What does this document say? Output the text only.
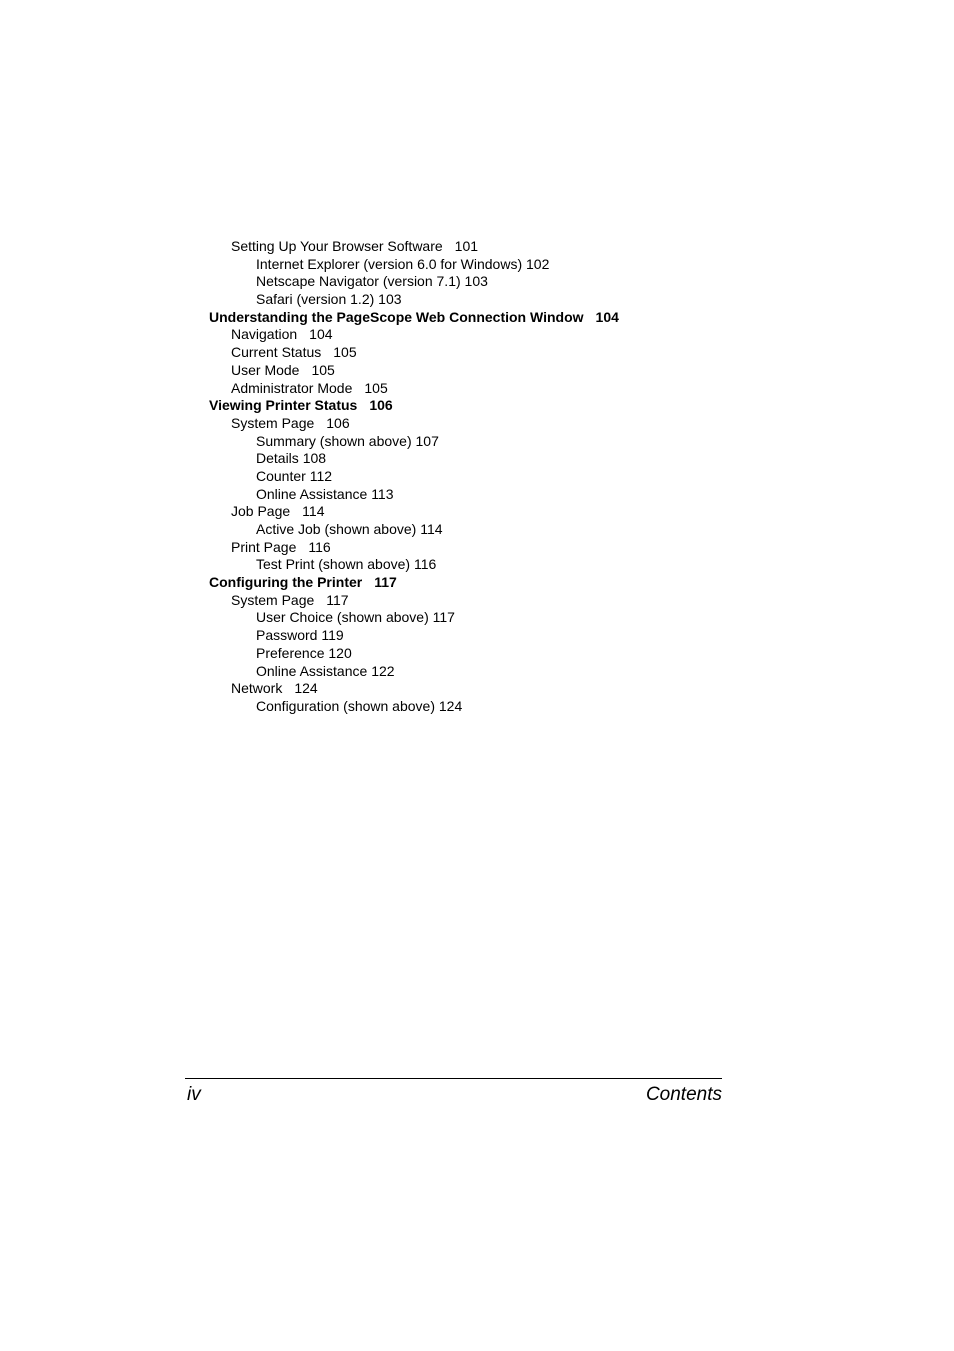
Setting Up Your Browser Software 101
Internet Explorer (version 6.0 for Windows) 102
Netscape Navigator (version 7.1) 103
Safari (version 1.2) 103
Understanding the PageScope Web Connection Window 104
Navigation 104
Current Status 105
User Mode 105
Administrator Mode 105
Viewing Printer Status 106
System Page 106
Summary (shown above) 107
Details 108
Counter 112
Online Assistance 113
Job Page 114
Active Job (shown above) 114
Print Page 116
Test Print (shown above) 116
Configuring the Printer 117
System Page 117
User Choice (shown above) 117
Password 119
Preference 120
Online Assistance 122
Network 124
Configuration (shown above) 124
iv	Contents
